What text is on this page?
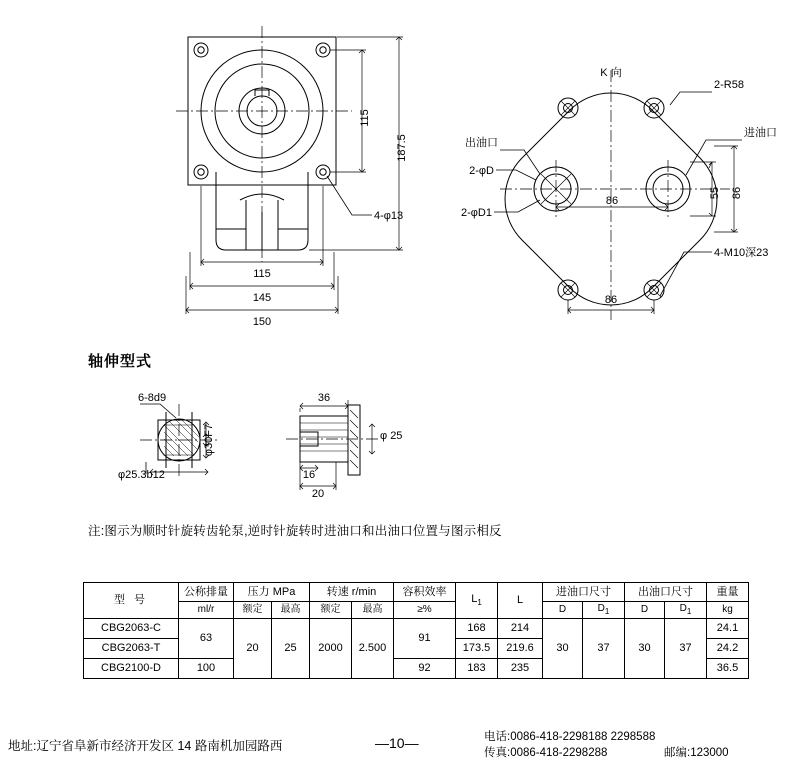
115
187.5
115
145
150
4-φ13
K 向
2-R58
进油口
出油口
2-φD
2-φD1
4-M10深23
86
55 86
86
6-8d9
φ30F7
φ25.3b12
36
φ 25
16
20
轴伸型式
注:图示为顺时针旋转齿轮泵,逆时针旋转时进油口和出油口位置与图示相反
型 号	公称排量	压力 MPa		转速 r/min		容积效率	$L_1$	L	进油口尺寸		出油口尺寸		重量
	ml/r	额定	最高	额定	最高	≥%			D	$D_1$	D	$D_1$	kg
CBG2063-C	63	20	25	2000	2.500	91	168	214	30	37	30	37	24.1
CBG2063-T							173.5	219.6					24.2
CBG2100-D	100					92	183	235					36.5
地址:辽宁省阜新市经济开发区 14 路南机加园路西	—10—	电话:0086-418-2298188 2298588
传真:0086-418-2298288	邮编:123000
